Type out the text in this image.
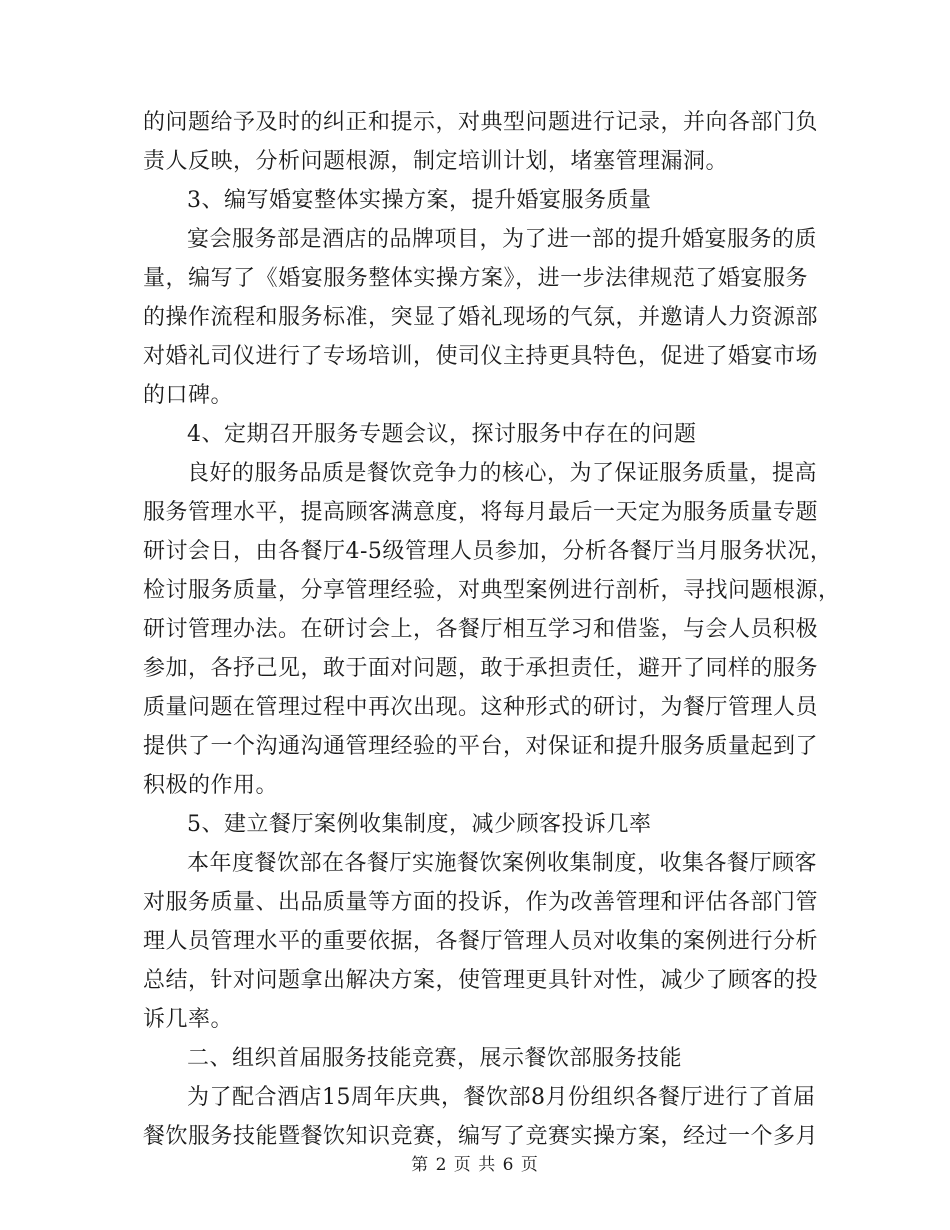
的问题给予及时的纠正和提示，对典型问题进行记录，并向各部门负
责人反映，分析问题根源，制定培训计划，堵塞管理漏洞。
3、编写婚宴整体实操方案，提升婚宴服务质量
宴会服务部是酒店的品牌项目，为了进一部的提升婚宴服务的质
量，编写了《婚宴服务整体实操方案》，进一步法律规范了婚宴服务
的操作流程和服务标准，突显了婚礼现场的气氛，并邀请人力资源部
对婚礼司仪进行了专场培训，使司仪主持更具特色，促进了婚宴市场
的口碑。
4、定期召开服务专题会议，探讨服务中存在的问题
良好的服务品质是餐饮竞争力的核心，为了保证服务质量，提高
服务管理水平，提高顾客满意度，将每月最后一天定为服务质量专题
研讨会日，由各餐厅4-5级管理人员参加，分析各餐厅当月服务状况，
检讨服务质量，分享管理经验，对典型案例进行剖析，寻找问题根源，
研讨管理办法。在研讨会上，各餐厅相互学习和借鉴，与会人员积极
参加，各抒己见，敢于面对问题，敢于承担责任，避开了同样的服务
质量问题在管理过程中再次出现。这种形式的研讨，为餐厅管理人员
提供了一个沟通沟通管理经验的平台，对保证和提升服务质量起到了
积极的作用。
5、建立餐厅案例收集制度，减少顾客投诉几率
本年度餐饮部在各餐厅实施餐饮案例收集制度，收集各餐厅顾客
对服务质量、出品质量等方面的投诉，作为改善管理和评估各部门管
理人员管理水平的重要依据，各餐厅管理人员对收集的案例进行分析
总结，针对问题拿出解决方案，使管理更具针对性，减少了顾客的投
诉几率。
二、组织首届服务技能竞赛，展示餐饮部服务技能
为了配合酒店15周年庆典，餐饮部8月份组织各餐厅进行了首届
餐饮服务技能暨餐饮知识竞赛，编写了竞赛实操方案，经过一个多月
第 2 页 共 6 页
